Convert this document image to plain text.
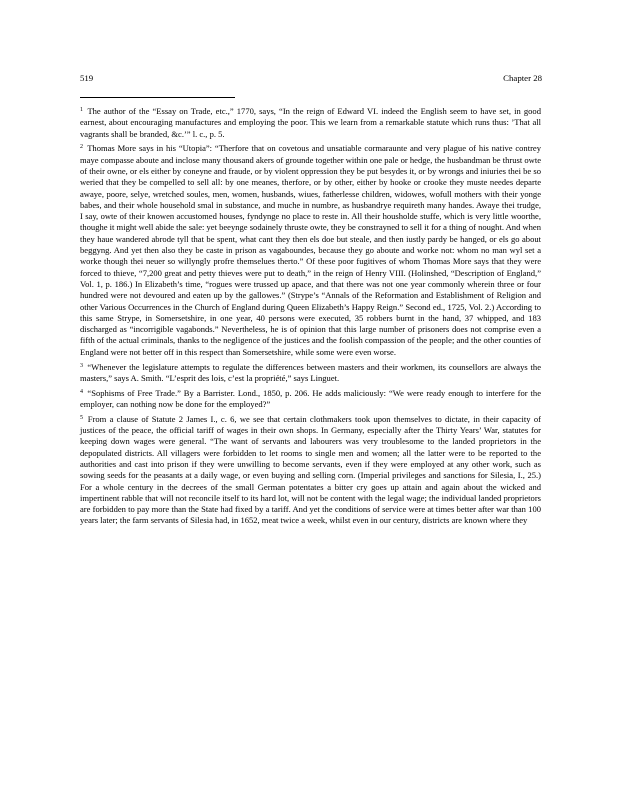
519	Chapter 28

$^1$ The author of the “Essay on Trade, etc.,” 1770, says, “In the reign of Edward VI. indeed the English seem to have set, in good earnest, about encouraging manufactures and employing the poor. This we learn from a remarkable statute which runs thus: ’That all vagrants shall be branded, &c.’” l. c., p. 5.

$^2$ Thomas More says in his “Utopia”: “Therfore that on covetous and unsatiable cormaraunte and very plague of his native contrey maye compasse aboute and inclose many thousand akers of grounde together within one pale or hedge, the husbandman be thrust owte of their owne, or els either by coneyne and fraude, or by violent oppression they be put besydes it, or by wrongs and iniuries thei be so weried that they be compelled to sell all: by one meanes, therfore, or by other, either by hooke or crooke they muste needes departe awaye, poore, selye, wretched soules, men, women, husbands, wiues, fatherlesse children, widowes, wofull mothers with their yonge babes, and their whole household smal in substance, and muche in numbre, as husbandrye requireth many handes. Awaye thei trudge, I say, owte of their knowen accustomed houses, fyndynge no place to reste in. All their housholde stuffe, which is very little woorthe, thoughe it might well abide the sale: yet beeynge sodainely thruste owte, they be constrayned to sell it for a thing of nought. And when they haue wandered abrode tyll that be spent, what cant they then els doe but steale, and then iustly pardy be hanged, or els go about beggyng. And yet then also they be caste in prison as vagaboundes, because they go aboute and worke not: whom no man wyl set a worke though thei neuer so willyngly profre themselues therto.” Of these poor fugitives of whom Thomas More says that they were forced to thieve, “7,200 great and petty thieves were put to death,” in the reign of Henry VIII. (Holinshed, “Description of England,” Vol. 1, p. 186.) In Elizabeth’s time, “rogues were trussed up apace, and that there was not one year commonly wherein three or four hundred were not devoured and eaten up by the gallowes.” (Strype’s “Annals of the Reformation and Establishment of Religion and other Various Occurrences in the Church of England during Queen Elizabeth’s Happy Reign.” Second ed., 1725, Vol. 2.) According to this same Strype, in Somersetshire, in one year, 40 persons were executed, 35 robbers burnt in the hand, 37 whipped, and 183 discharged as “incorrigible vagabonds.” Nevertheless, he is of opinion that this large number of prisoners does not comprise even a fifth of the actual criminals, thanks to the negligence of the justices and the foolish compassion of the people; and the other counties of England were not better off in this respect than Somersetshire, while some were even worse.

$^3$ “Whenever the legislature attempts to regulate the differences between masters and their workmen, its counsellors are always the masters,” says A. Smith. “L’esprit des lois, c’est la propriété,” says Linguet.

$^4$ “Sophisms of Free Trade.” By a Barrister. Lond., 1850, p. 206. He adds maliciously: “We were ready enough to interfere for the employer, can nothing now be done for the employed?”

$^5$ From a clause of Statute 2 James I., c. 6, we see that certain clothmakers took upon themselves to dictate, in their capacity of justices of the peace, the official tariff of wages in their own shops. In Germany, especially after the Thirty Years’ War, statutes for keeping down wages were general. “The want of servants and labourers was very troublesome to the landed proprietors in the depopulated districts. All villagers were forbidden to let rooms to single men and women; all the latter were to be reported to the authorities and cast into prison if they were unwilling to become servants, even if they were employed at any other work, such as sowing seeds for the peasants at a daily wage, or even buying and selling corn. (Imperial privileges and sanctions for Silesia, I., 25.) For a whole century in the decrees of the small German potentates a bitter cry goes up attain and again about the wicked and impertinent rabble that will not reconcile itself to its hard lot, will not be content with the legal wage; the individual landed proprietors are forbidden to pay more than the State had fixed by a tariff. And yet the conditions of service were at times better after war than 100 years later; the farm servants of Silesia had, in 1652, meat twice a week, whilst even in our century, districts are known where they
